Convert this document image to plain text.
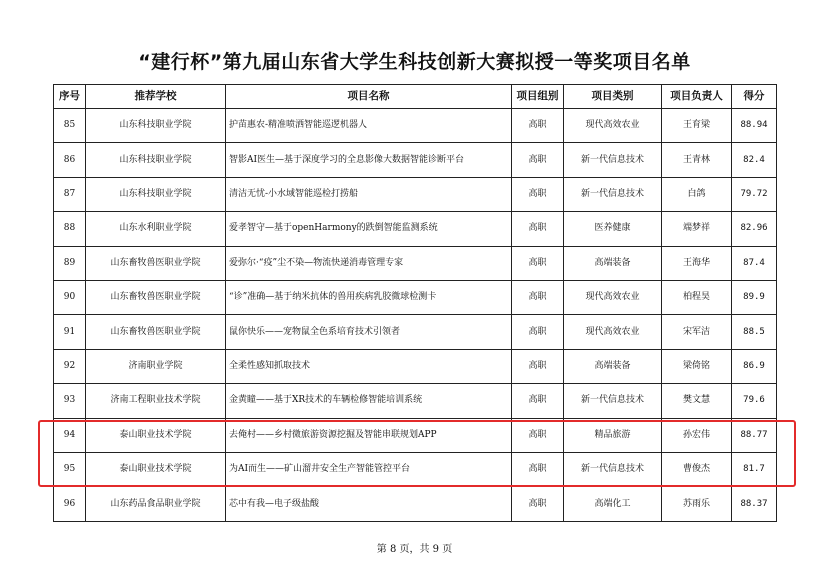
“建行杯”第九届山东省大学生科技创新大赛拟授一等奖项目名单
序号	推荐学校	项目名称	项目组别	项目类别	项目负责人	得分
85	山东科技职业学院	护苗惠农-精准喷洒智能巡逻机器人	高职	现代高效农业	王育梁	88.94
86	山东科技职业学院	智影AI医生—基于深度学习的全息影像大数据智能诊断平台	高职	新一代信息技术	王青林	82.4
87	山东科技职业学院	清洁无忧-小水域智能巡检打捞船	高职	新一代信息技术	白鸽	79.72
88	山东水利职业学院	爱孝智守—基于openHarmony的跌倒智能监测系统	高职	医养健康	端梦祥	82.96
89	山东畜牧兽医职业学院	爱弥尔·“疫”尘不染—物流快递消毒管理专家	高职	高端装备	王海华	87.4
90	山东畜牧兽医职业学院	“诊”准确—基于纳米抗体的兽用疾病乳胶微球检测卡	高职	现代高效农业	柏程昊	89.9
91	山东畜牧兽医职业学院	鼠你快乐——宠物鼠全色系培育技术引领者	高职	现代高效农业	宋军洁	88.5
92	济南职业学院	全柔性感知抓取技术	高职	高端装备	梁倚铭	86.9
93	济南工程职业技术学院	金黄瞳——基于XR技术的车辆检修智能培训系统	高职	新一代信息技术	樊文慧	79.6
94	泰山职业技术学院	去俺村——乡村微旅游资源挖掘及智能串联规划APP	高职	精品旅游	孙宏伟	88.77
95	泰山职业技术学院	为AI而生——矿山溜井安全生产智能管控平台	高职	新一代信息技术	曹俊杰	81.7
96	山东药品食品职业学院	芯中有我—电子级盐酸	高职	高端化工	苏雨乐	88.37
第 8 页，共 9 页
